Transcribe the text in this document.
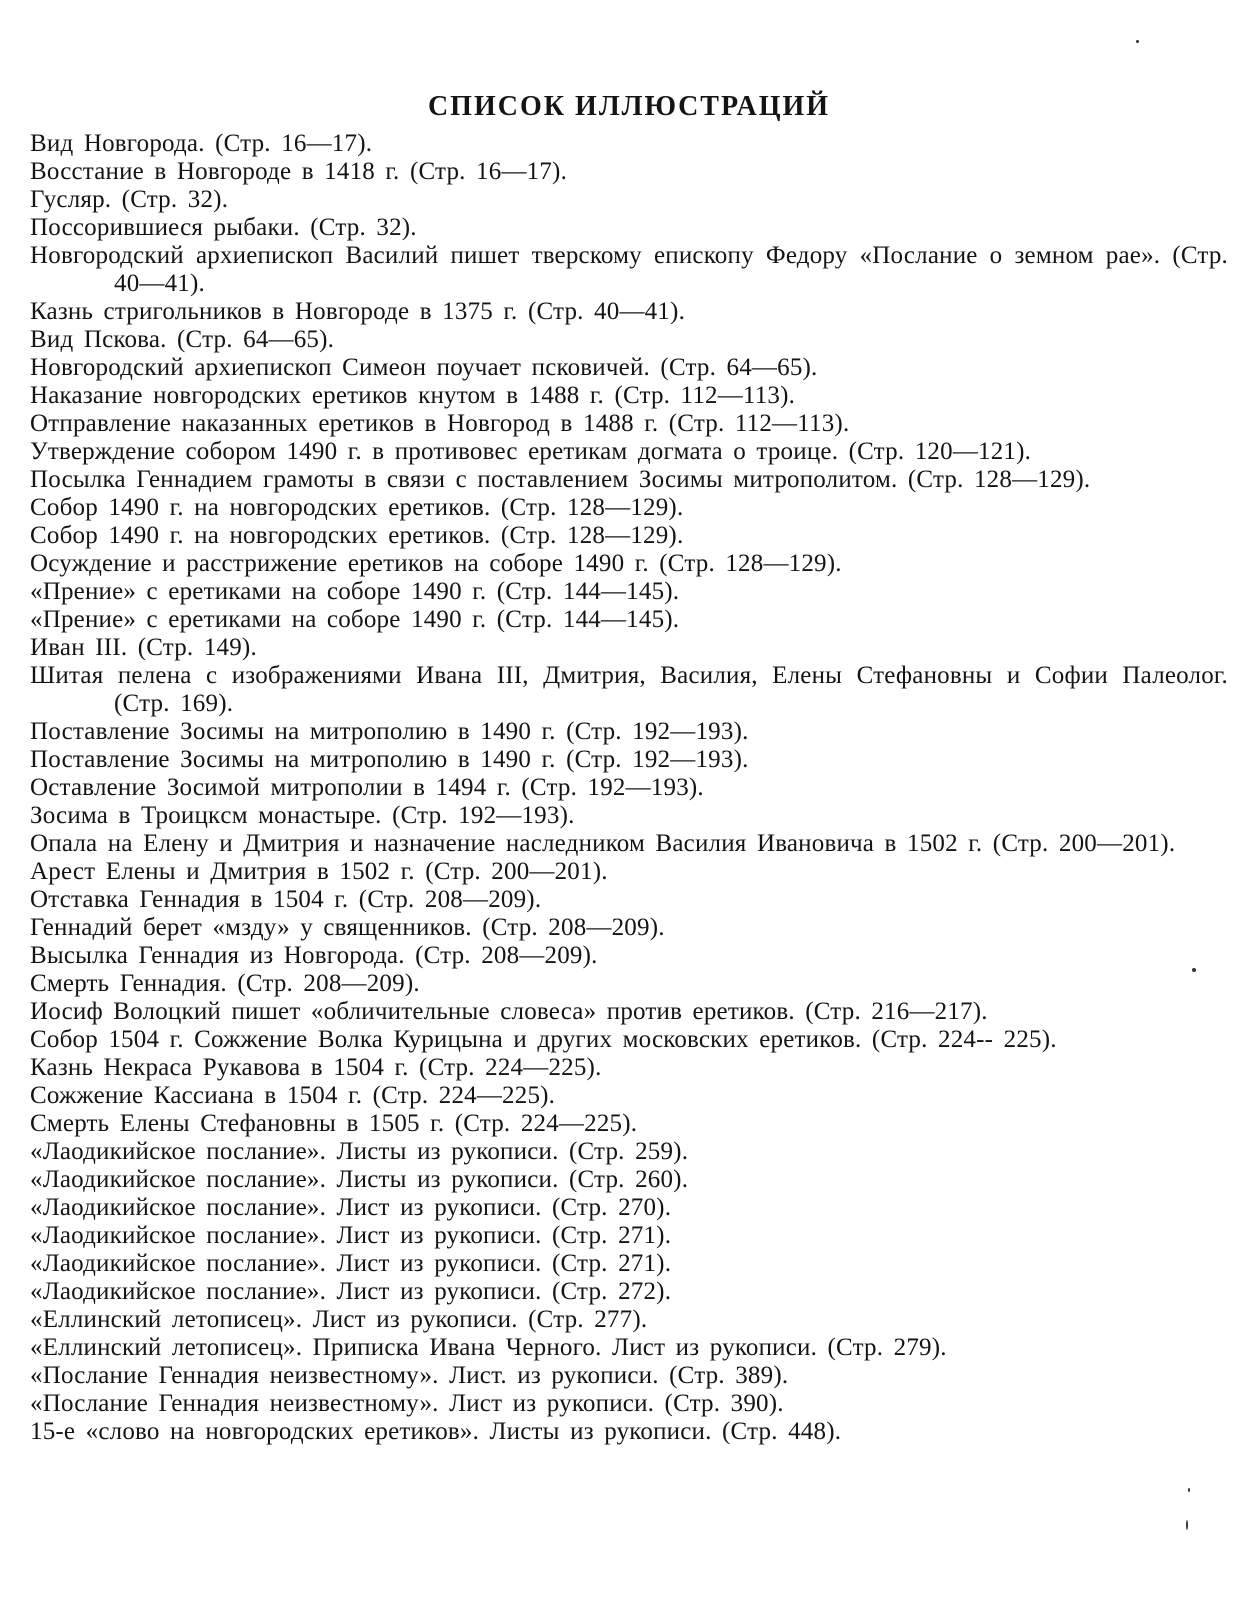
СПИСОК ИЛЛЮСТРАЦИЙ
Вид Новгорода. (Стр. 16—17).
Восстание в Новгороде в 1418 г. (Стр. 16—17).
Гусляр. (Стр. 32).
Поссорившиеся рыбаки. (Стр. 32).
Новгородский архиепископ Василий пишет тверскому епископу Федору «Послание о земном рае». (Стр. 40—41).
Казнь стригольников в Новгороде в 1375 г. (Стр. 40—41).
Вид Пскова. (Стр. 64—65).
Новгородский архиепископ Симеон поучает псковичей. (Стр. 64—65).
Наказание новгородских еретиков кнутом в 1488 г. (Стр. 112—113).
Отправление наказанных еретиков в Новгород в 1488 г. (Стр. 112—113).
Утверждение собором 1490 г. в противовес еретикам догмата о троице. (Стр. 120—121).
Посылка Геннадием грамоты в связи с поставлением Зосимы митрополитом. (Стр. 128—129).
Собор 1490 г. на новгородских еретиков. (Стр. 128—129).
Собор 1490 г. на новгородских еретиков. (Стр. 128—129).
Осуждение и расстрижение еретиков на соборе 1490 г. (Стр. 128—129).
«Прение» с еретиками на соборе 1490 г. (Стр. 144—145).
«Прение» с еретиками на соборе 1490 г. (Стр. 144—145).
Иван III. (Стр. 149).
Шитая пелена с изображениями Ивана III, Дмитрия, Василия, Елены Стефановны и Софии Палеолог. (Стр. 169).
Поставление Зосимы на митрополию в 1490 г. (Стр. 192—193).
Поставление Зосимы на митрополию в 1490 г. (Стр. 192—193).
Оставление Зосимой митрополии в 1494 г. (Стр. 192—193).
Зосима в Троицкcм монастыре. (Стр. 192—193).
Опала на Елену и Дмитрия и назначение наследником Василия Ивановича в 1502 г. (Стр. 200—201).
Арест Елены и Дмитрия в 1502 г. (Стр. 200—201).
Отставка Геннадия в 1504 г. (Стр. 208—209).
Геннадий берет «мзду» у священников. (Стр. 208—209).
Высылка Геннадия из Новгорода. (Стр. 208—209).
Смерть Геннадия. (Стр. 208—209).
Иосиф Волоцкий пишет «обличительные словеса» против еретиков. (Стр. 216—217).
Собор 1504 г. Сожжение Волка Курицына и других московских еретиков. (Стр. 224-- 225).
Казнь Некраса Рукавова в 1504 г. (Стр. 224—225).
Сожжение Кассиана в 1504 г. (Стр. 224—225).
Смерть Елены Стефановны в 1505 г. (Стр. 224—225).
«Лаодикийское послание». Листы из рукописи. (Стр. 259).
«Лаодикийское послание». Листы из рукописи. (Стр. 260).
«Лаодикийское послание». Лист из рукописи. (Стр. 270).
«Лаодикийское послание». Лист из рукописи. (Стр. 271).
«Лаодикийское послание». Лист из рукописи. (Стр. 271).
«Лаодикийское послание». Лист из рукописи. (Стр. 272).
«Еллинский летописец». Лист из рукописи. (Стр. 277).
«Еллинский летописец». Приписка Ивана Черного. Лист из рукописи. (Стр. 279).
«Послание Геннадия неизвестному». Лист. из рукописи. (Стр. 389).
«Послание Геннадия неизвестному». Лист из рукописи. (Стр. 390).
15-е «слово на новгородских еретиков». Листы из рукописи. (Стр. 448).
